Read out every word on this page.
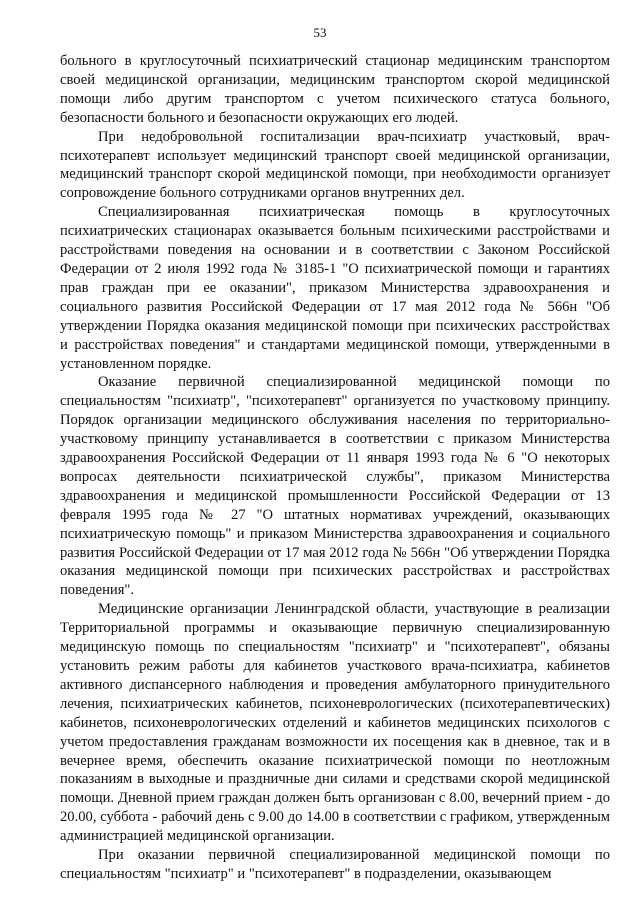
53

больного в круглосуточный психиатрический стационар медицинским транспортом своей медицинской организации, медицинским транспортом скорой медицинской помощи либо другим транспортом с учетом психического статуса больного, безопасности больного и безопасности окружающих его людей.

При недобровольной госпитализации врач-психиатр участковый, врач-психотерапевт использует медицинский транспорт своей медицинской организации, медицинский транспорт скорой медицинской помощи, при необходимости организует сопровождение больного сотрудниками органов внутренних дел.

Специализированная психиатрическая помощь в круглосуточных психиатрических стационарах оказывается больным психическими расстройствами и расстройствами поведения на основании и в соответствии с Законом Российской Федерации от 2 июля 1992 года № 3185-1 "О психиатрической помощи и гарантиях прав граждан при ее оказании", приказом Министерства здравоохранения и социального развития Российской Федерации от 17 мая 2012 года № 566н "Об утверждении Порядка оказания медицинской помощи при психических расстройствах и расстройствах поведения" и стандартами медицинской помощи, утвержденными в установленном порядке.

Оказание первичной специализированной медицинской помощи по специальностям "психиатр", "психотерапевт" организуется по участковому принципу. Порядок организации медицинского обслуживания населения по территориально-участковому принципу устанавливается в соответствии с приказом Министерства здравоохранения Российской Федерации от 11 января 1993 года № 6 "О некоторых вопросах деятельности психиатрической службы", приказом Министерства здравоохранения и медицинской промышленности Российской Федерации от 13 февраля 1995 года № 27 "О штатных нормативах учреждений, оказывающих психиатрическую помощь" и приказом Министерства здравоохранения и социального развития Российской Федерации от 17 мая 2012 года № 566н "Об утверждении Порядка оказания медицинской помощи при психических расстройствах и расстройствах поведения".

Медицинские организации Ленинградской области, участвующие в реализации Территориальной программы и оказывающие первичную специализированную медицинскую помощь по специальностям "психиатр" и "психотерапевт", обязаны установить режим работы для кабинетов участкового врача-психиатра, кабинетов активного диспансерного наблюдения и проведения амбулаторного принудительного лечения, психиатрических кабинетов, психоневрологических (психотерапевтических) кабинетов, психоневрологических отделений и кабинетов медицинских психологов с учетом предоставления гражданам возможности их посещения как в дневное, так и в вечернее время, обеспечить оказание психиатрической помощи по неотложным показаниям в выходные и праздничные дни силами и средствами скорой медицинской помощи. Дневной прием граждан должен быть организован с 8.00, вечерний прием - до 20.00, суббота - рабочий день с 9.00 до 14.00 в соответствии с графиком, утвержденным администрацией медицинской организации.

При оказании первичной специализированной медицинской помощи по специальностям "психиатр" и "психотерапевт" в подразделении, оказывающем
